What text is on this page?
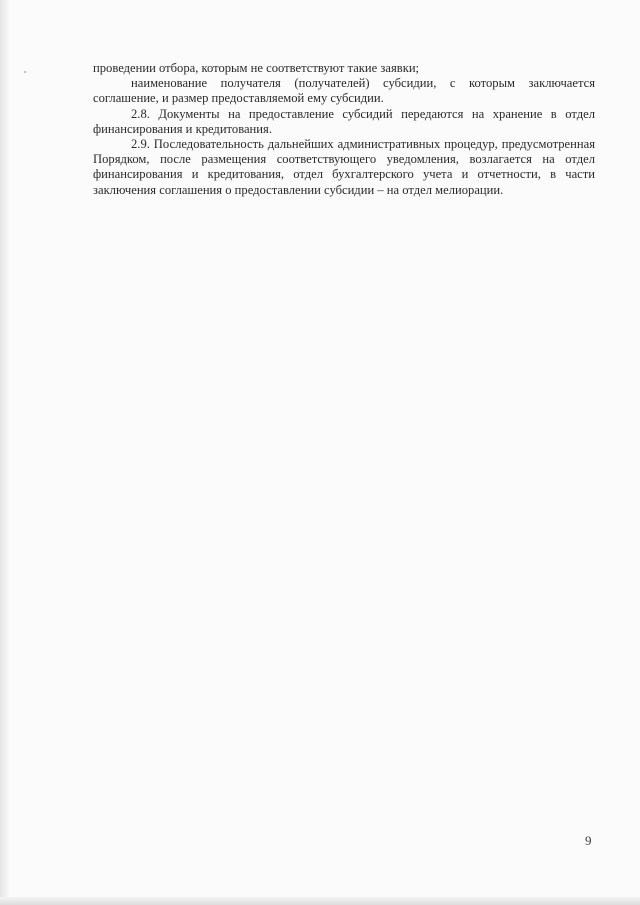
проведении отбора, которым не соответствуют такие заявки;

наименование получателя (получателей) субсидии, с которым заключается соглашение, и размер предоставляемой ему субсидии.

2.8. Документы на предоставление субсидий передаются на хранение в отдел финансирования и кредитования.

2.9. Последовательность дальнейших административных процедур, предусмотренная Порядком, после размещения соответствующего уведомления, возлагается на отдел финансирования и кредитования, отдел бухгалтерского учета и отчетности, в части заключения соглашения о предоставлении субсидии – на отдел мелиорации.

9
